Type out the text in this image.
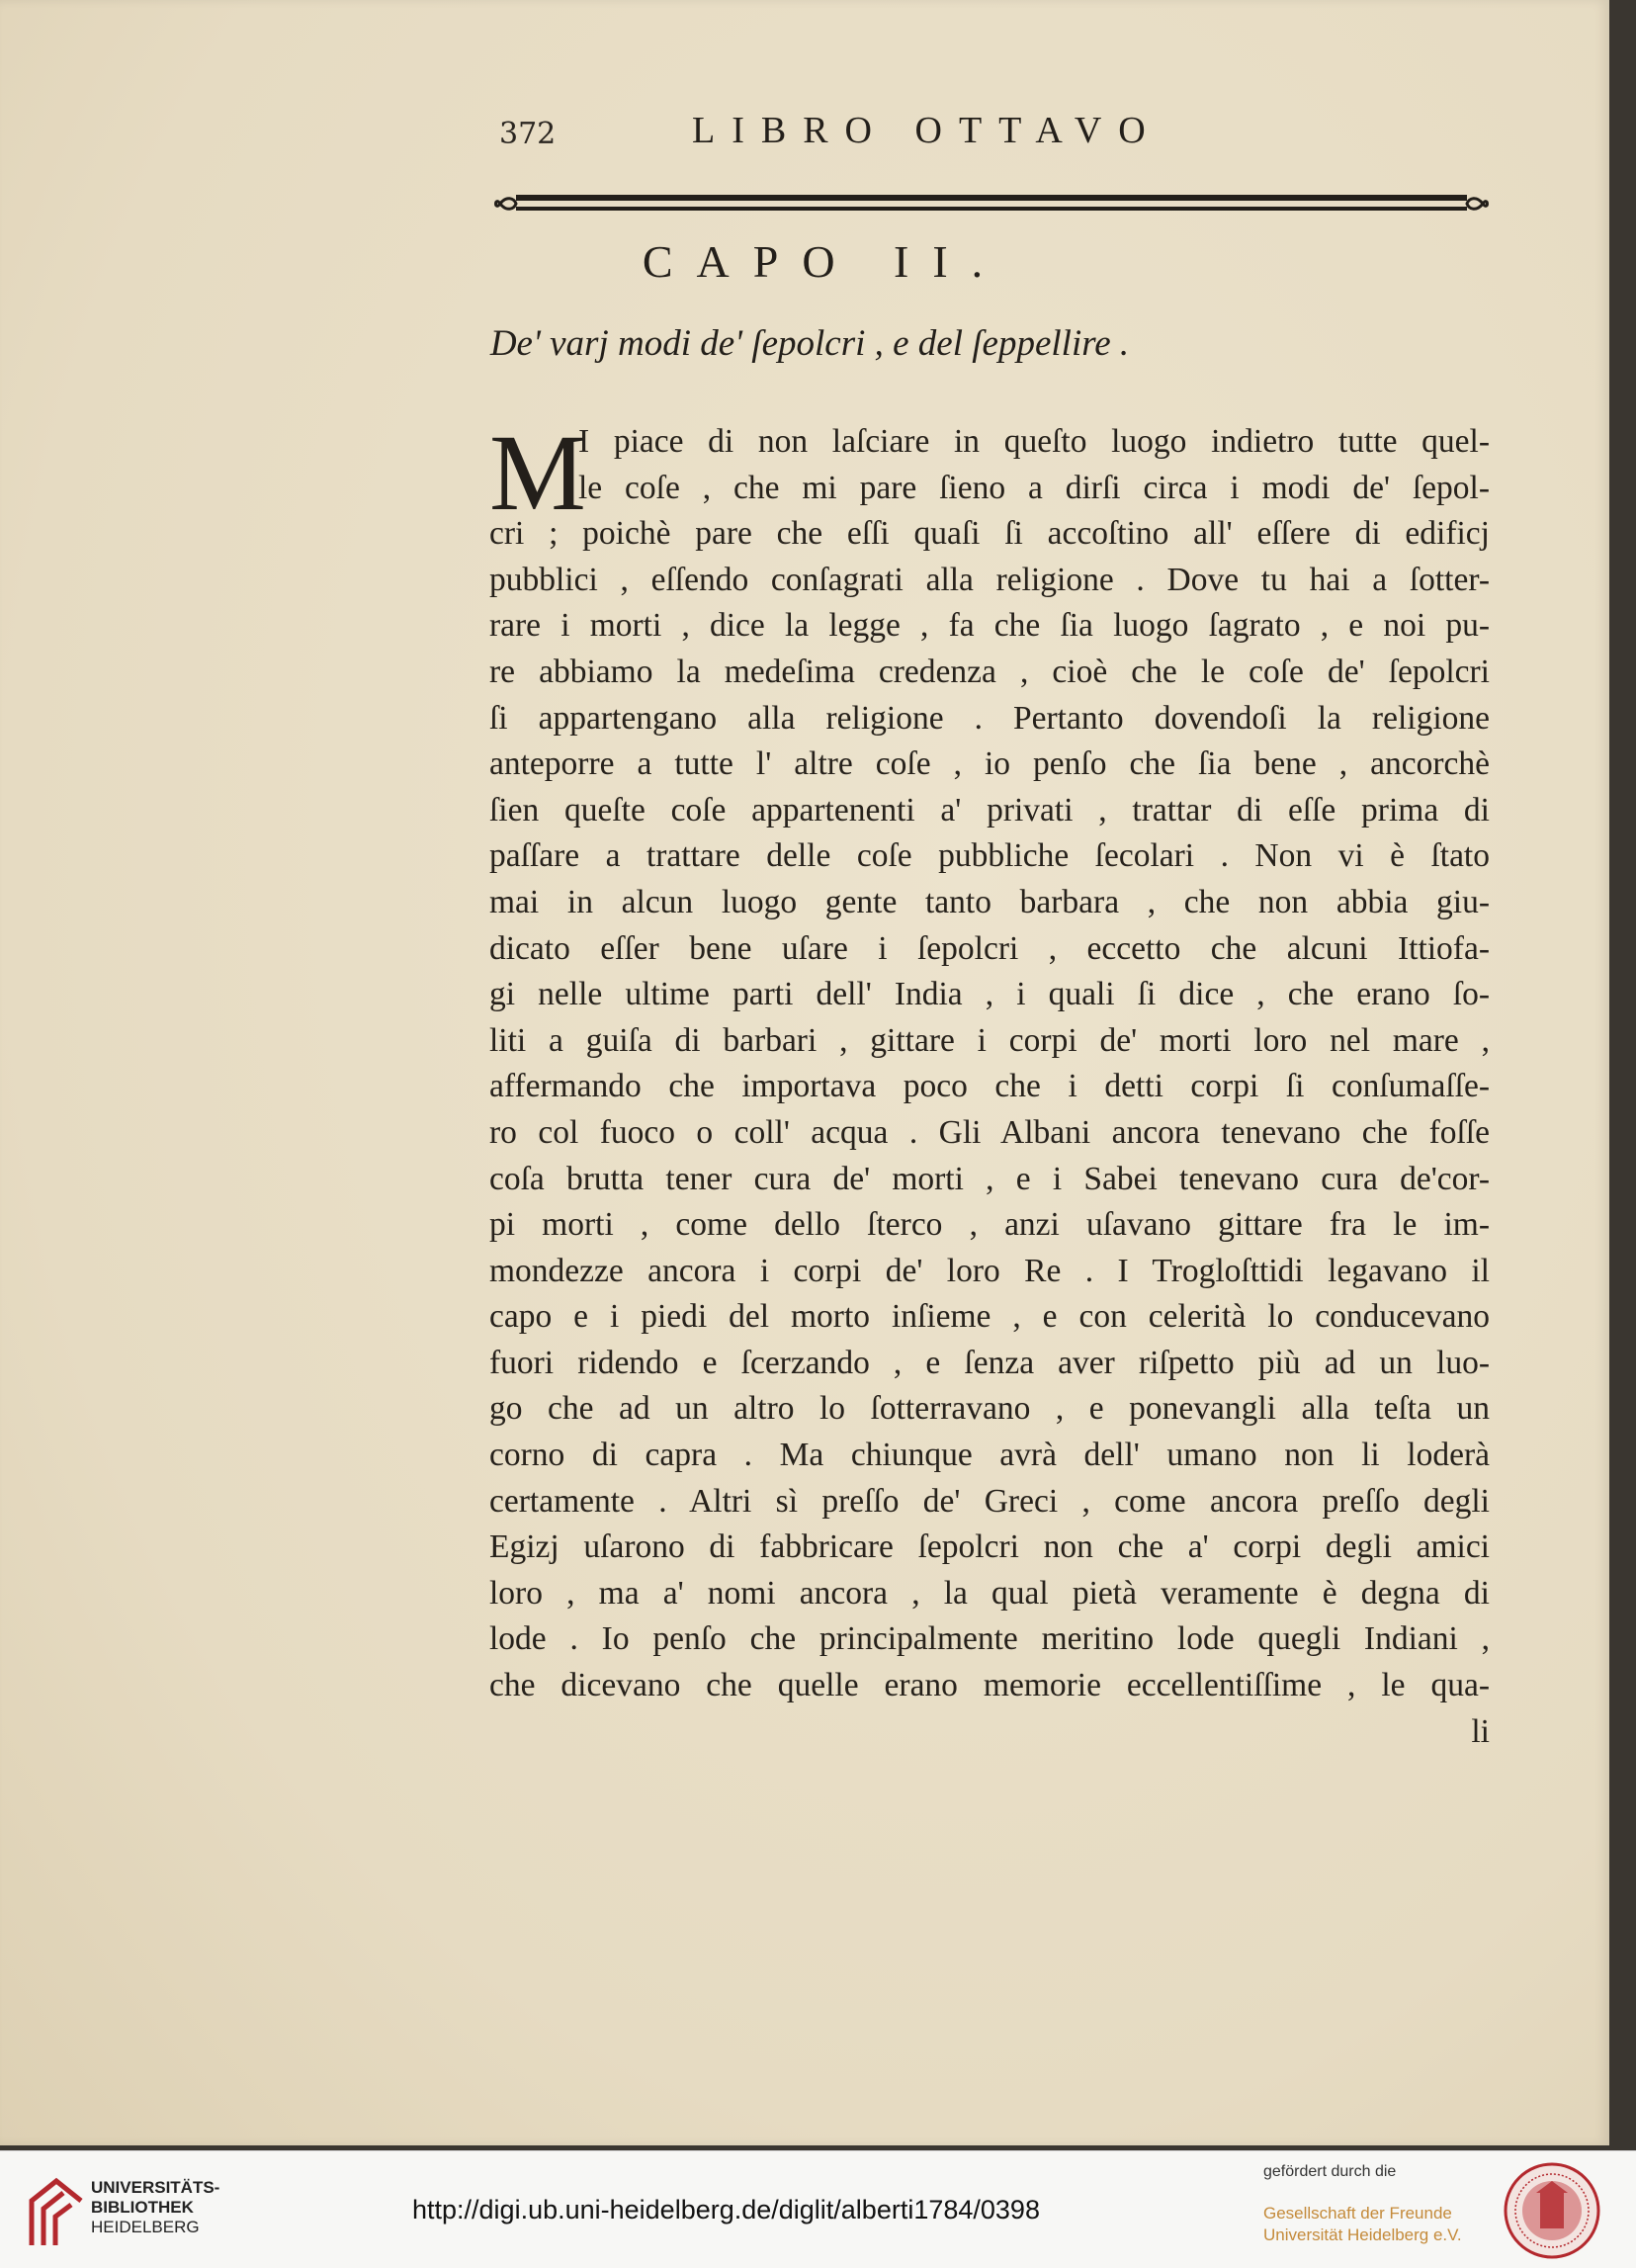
372	LIBRO OTTAVO
CAPO II.
De' varj modi de' ſepolcri , e del ſeppellire .
M
I piace di non laſciare in queſto luogo indietro tutte quel-
le coſe , che mi pare ſieno a dirſi circa i modi de' ſepol-
cri ; poichè pare che eſſi quaſi ſi accoſtino all' eſſere di edificj
pubblici , eſſendo conſagrati alla religione . Dove tu hai a ſotter-
rare i morti , dice la legge , fa che ſia luogo ſagrato , e noi pu-
re abbiamo la medeſima credenza , cioè che le coſe de' ſepolcri
ſi appartengano alla religione . Pertanto dovendoſi la religione
anteporre a tutte l' altre coſe , io penſo che ſia bene , ancorchè
ſien queſte coſe appartenenti a' privati , trattar di eſſe prima di
paſſare a trattare delle coſe pubbliche ſecolari . Non vi è ſtato
mai in alcun luogo gente tanto barbara , che non abbia giu-
dicato eſſer bene uſare i ſepolcri , eccetto che alcuni Ittiofa-
gi nelle ultime parti dell' India , i quali ſi dice , che erano ſo-
liti a guiſa di barbari , gittare i corpi de' morti loro nel mare ,
affermando che importava poco che i detti corpi ſi conſumaſſe-
ro col fuoco o coll' acqua . Gli Albani ancora tenevano che foſſe
coſa brutta tener cura de' morti , e i Sabei tenevano cura de'cor-
pi morti , come dello ſterco , anzi uſavano gittare fra le im-
mondezze ancora i corpi de' loro Re . I Trogloſttidi legavano il
capo e i piedi del morto inſieme , e con celerità lo conducevano
fuori ridendo e ſcerzando , e ſenza aver riſpetto più ad un luo-
go che ad un altro lo ſotterravano , e ponevangli alla teſta un
corno di capra . Ma chiunque avrà dell' umano non li loderà
certamente . Altri sì preſſo de' Greci , come ancora preſſo degli
Egizj uſarono di fabbricare ſepolcri non che a' corpi degli amici
loro , ma a' nomi ancora , la qual pietà veramente è degna di
lode . Io penſo che principalmente meritino lode quegli Indiani ,
che dicevano che quelle erano memorie eccellentiſſime , le qua-
li
UNIVERSITÄTS-
BIBLIOTHEK
HEIDELBERG
http://digi.ub.uni-heidelberg.de/diglit/alberti1784/0398
gefördert durch die
Gesellschaft der Freunde
Universität Heidelberg e.V.
